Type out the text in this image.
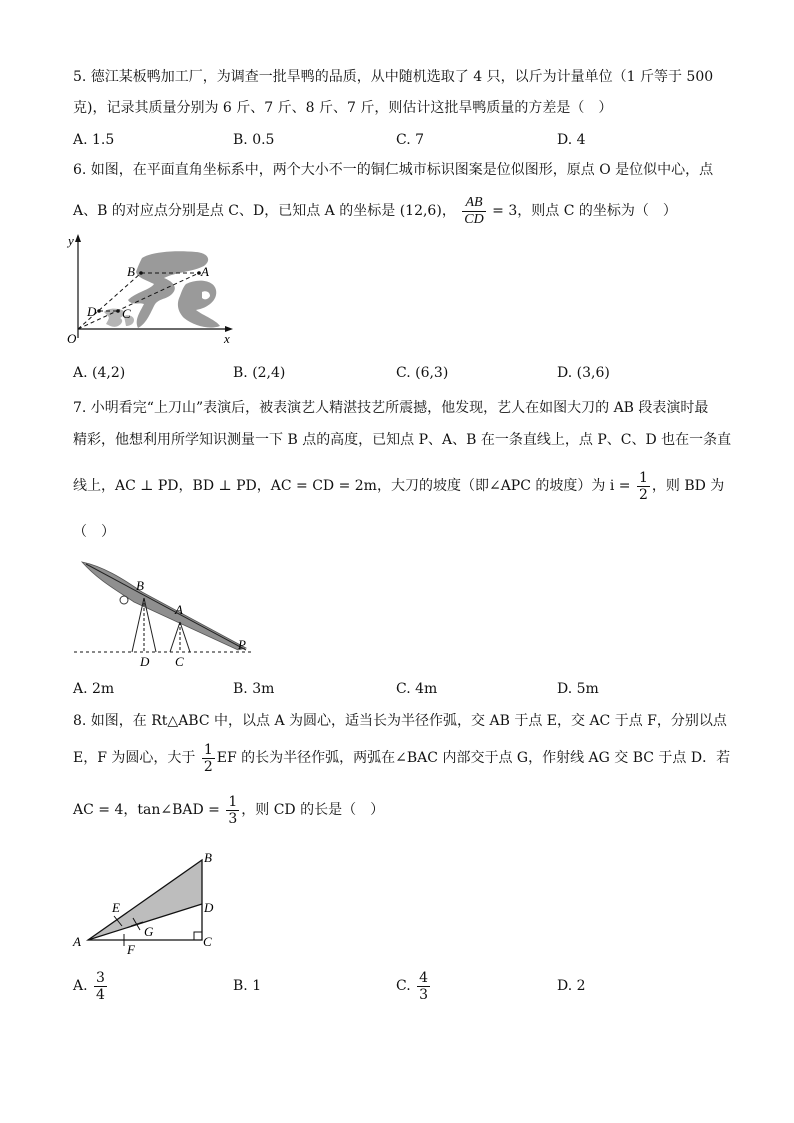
5. 德江某板鸭加工厂，为调查一批旱鸭的品质，从中随机选取了 4 只，以斤为计量单位（1 斤等于 500
克)，记录其质量分别为 6 斤、7 斤、8 斤、7 斤，则估计这批旱鸭质量的方差是（　）
A. 1.5	B. 0.5	C. 7	D. 4
6. 如图，在平面直角坐标系中，两个大小不一的铜仁城市标识图案是位似图形，原点 O 是位似中心，点
A、B 的对应点分别是点 C、D，已知点 A 的坐标是 (12,6)， $\frac{AB}{CD} = 3$，则点 C 的坐标为（　）
y
x
O
A
B
C
D
A. (4,2)	B. (2,4)	C. (6,3)	D. (3,6)
7. 小明看完“上刀山”表演后，被表演艺人精湛技艺所震撼，他发现，艺人在如图大刀的 AB 段表演时最
精彩，他想利用所学知识测量一下 B 点的高度，已知点 P、A、B 在一条直线上，点 P、C、D 也在一条直
线上，AC ⊥ PD，BD ⊥ PD，AC = CD = 2m，大刀的坡度（即∠APC 的坡度）为 $i = \frac{1}{2}$ ，则 BD 为
（　）
B
A
P
D C
A. 2m	B. 3m	C. 4m	D. 5m
8. 如图，在 Rt△ABC 中，以点 A 为圆心，适当长为半径作弧，交 AB 于点 E，交 AC 于点 F，分别以点
E，F 为圆心，大于 $\frac{1}{2}$ EF 的长为半径作弧，两弧在∠BAC 内部交于点 G，作射线 AG 交 BC 于点 D．若
AC = 4，tan∠BAD = $\frac{1}{3}$ ，则 CD 的长是（　）
B
E	D
G
A	C
F
A. $\frac{3}{4}$	B. 1	C. $\frac{4}{3}$	D. 2
